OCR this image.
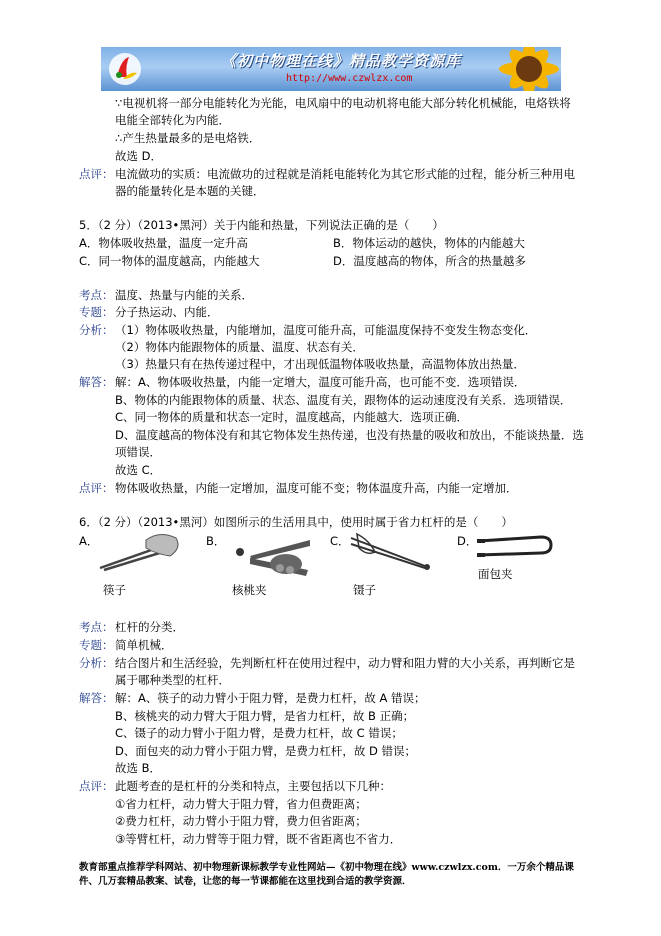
《初中物理在线》精品教学资源库
http://www.czwlzx.com
∵电视机将一部分电能转化为光能，电风扇中的电动机将电能大部分转化机械能，电烙铁将
电能全部转化为内能．
∴产生热量最多的是电烙铁．
故选 D．
点评： 电流做功的实质：电流做功的过程就是消耗电能转化为其它形式能的过程，能分析三种用电
器的能量转化是本题的关键．
5．（2 分）（2013•黑河）关于内能和热量，下列说法正确的是（　　）
A．物体吸收热量，温度一定升高	B．物体运动的越快，物体的内能越大
C．同一物体的温度越高，内能越大	D．温度越高的物体，所含的热量越多
考点： 温度、热量与内能的关系．
专题： 分子热运动、内能．
分析： （1）物体吸收热量，内能增加，温度可能升高，可能温度保持不变发生物态变化．
（2）物体内能跟物体的质量、温度、状态有关．
（3）热量只有在热传递过程中，才出现低温物体吸收热量，高温物体放出热量．
解答： 解：A、物体吸收热量，内能一定增大，温度可能升高，也可能不变．选项错误．
B、物体的内能跟物体的质量、状态、温度有关，跟物体的运动速度没有关系．选项错误．
C、同一物体的质量和状态一定时，温度越高，内能越大．选项正确．
D、温度越高的物体没有和其它物体发生热传递，也没有热量的吸收和放出，不能谈热量．选
项错误．
故选 C．
点评： 物体吸收热量，内能一定增加，温度可能不变；物体温度升高，内能一定增加．
6．（2 分）（2013•黑河）如图所示的生活用具中，使用时属于省力杠杆的是（　　）
A．
筷子
B．
核桃夹
C．
镊子
D．
面包夹
考点： 杠杆的分类．
专题： 简单机械．
分析： 结合图片和生活经验，先判断杠杆在使用过程中，动力臂和阻力臂的大小关系，再判断它是
属于哪种类型的杠杆．
解答： 解：A、筷子的动力臂小于阻力臂，是费力杠杆，故 A 错误；
B、核桃夹的动力臂大于阻力臂，是省力杠杆，故 B 正确；
C、镊子的动力臂小于阻力臂，是费力杠杆，故 C 错误；
D、面包夹的动力臂小于阻力臂，是费力杠杆，故 D 错误；
故选 B．
点评： 此题考查的是杠杆的分类和特点，主要包括以下几种：
①省力杠杆，动力臂大于阻力臂，省力但费距离；
②费力杠杆，动力臂小于阻力臂，费力但省距离；
③等臂杠杆，动力臂等于阻力臂，既不省距离也不省力．
教育部重点推荐学科网站、初中物理新课标教学专业性网站—《初中物理在线》www.czwlzx.com．一万余个精品课
件、几万套精品教案、试卷，让您的每一节课都能在这里找到合适的教学资源．
